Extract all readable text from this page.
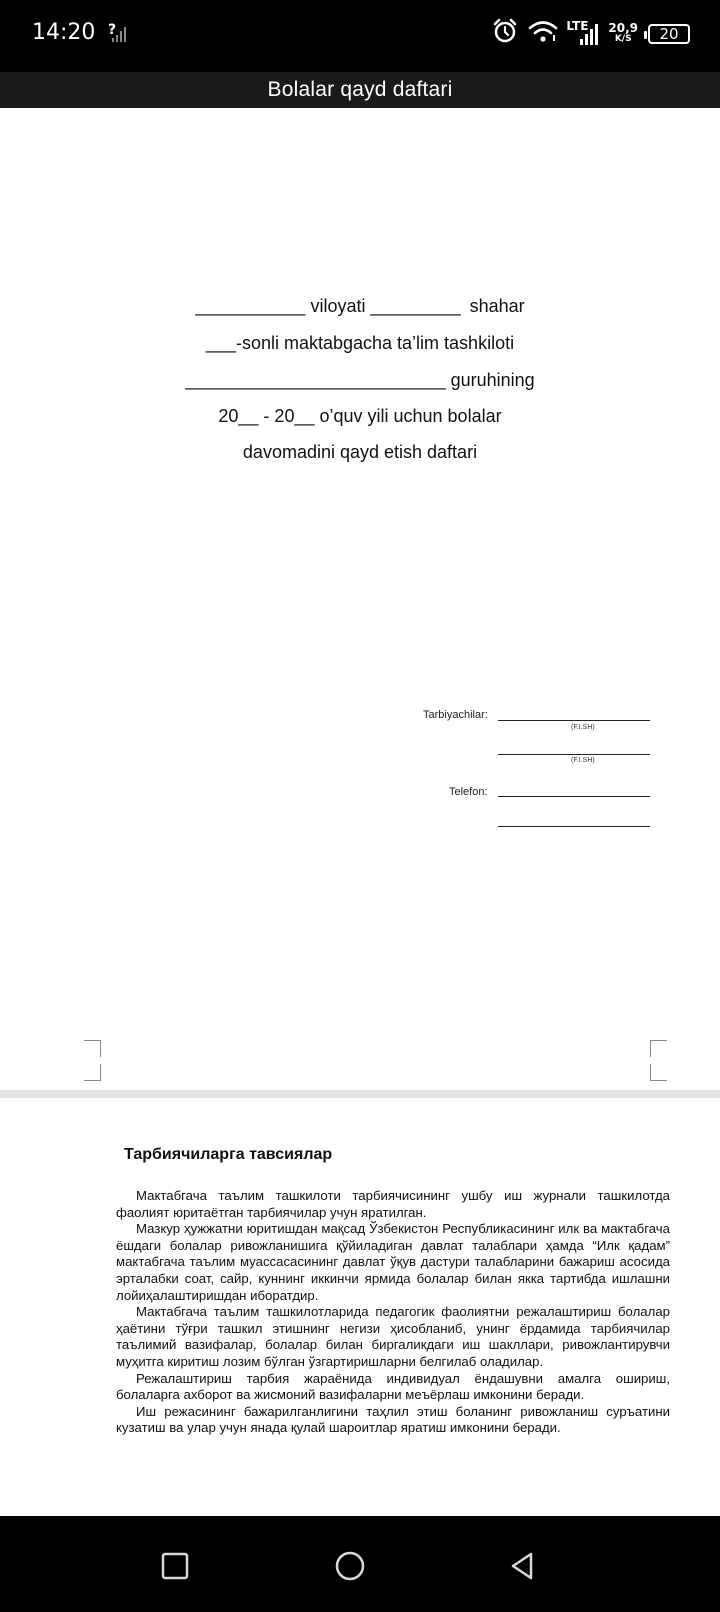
14:20 ?	LTE 20,9
K/S 20
Bolalar qayd daftari
___________ viloyati _________ shahar
___-sonli maktabgacha ta’lim tashkiloti
__________________________ guruhining
20__ - 20__ o’quv yili uchun bolalar
davomadini qayd etish daftari
Tarbiyachilar:
(F.I.SH)
(F.I.SH)
Telefon:
Тарбиячиларга тавсиялар

Мактабгача таълим ташкилоти тарбиячисининг ушбу иш журнали ташкилотда фаолият юритаётган тарбиячилар учун яратилган.

Мазкур ҳужжатни юритишдан мақсад Ўзбекистон Республикасининг илк ва мактабгача ёшдаги болалар ривожланишига қўйиладиган давлат талаблари ҳамда “Илк қадам” мактабгача таълим муассасасининг давлат ўқув дастури талабларини бажариш асосида эрталабки соат, сайр, куннинг иккинчи ярмида болалар билан якка тартибда ишлашни лойиҳалаштиришдан иборатдир.

Мактабгача таълим ташкилотларида педагогик фаолиятни режалаштириш болалар ҳаётини тўғри ташкил этишнинг негизи ҳисобланиб, унинг ёрдамида тарбиячилар таълимий вазифалар, болалар билан биргаликдаги иш шакллари, ривожлантирувчи муҳитга киритиш лозим бўлган ўзгартиришларни белгилаб оладилар.

Режалаштириш тарбия жараёнида индивидуал ёндашувни амалга ошириш, болаларга ахборот ва жисмоний вазифаларни меъёрлаш имконини беради.

Иш режасининг бажарилганлигини таҳлил этиш боланинг ривожланиш суръатини кузатиш ва улар учун янада қулай шароитлар яратиш имконини беради.
